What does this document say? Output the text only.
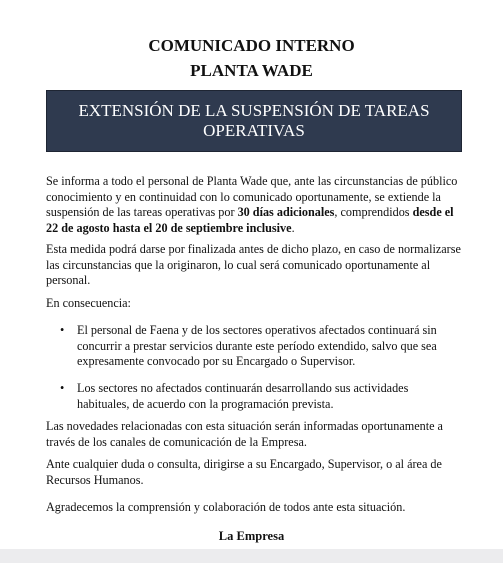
COMUNICADO INTERNO
PLANTA WADE
EXTENSIÓN DE LA SUSPENSIÓN DE TAREAS OPERATIVAS
Se informa a todo el personal de Planta Wade que, ante las circunstancias de público conocimiento y en continuidad con lo comunicado oportunamente, se extiende la suspensión de las tareas operativas por 30 días adicionales, comprendidos desde el 22 de agosto hasta el 20 de septiembre inclusive.
Esta medida podrá darse por finalizada antes de dicho plazo, en caso de normalizarse las circunstancias que la originaron, lo cual será comunicado oportunamente al personal.
En consecuencia:
• El personal de Faena y de los sectores operativos afectados continuará sin concurrir a prestar servicios durante este período extendido, salvo que sea expresamente convocado por su Encargado o Supervisor.
• Los sectores no afectados continuarán desarrollando sus actividades habituales, de acuerdo con la programación prevista.
Las novedades relacionadas con esta situación serán informadas oportunamente a través de los canales de comunicación de la Empresa.
Ante cualquier duda o consulta, dirigirse a su Encargado, Supervisor, o al área de Recursos Humanos.
Agradecemos la comprensión y colaboración de todos ante esta situación.
La Empresa
